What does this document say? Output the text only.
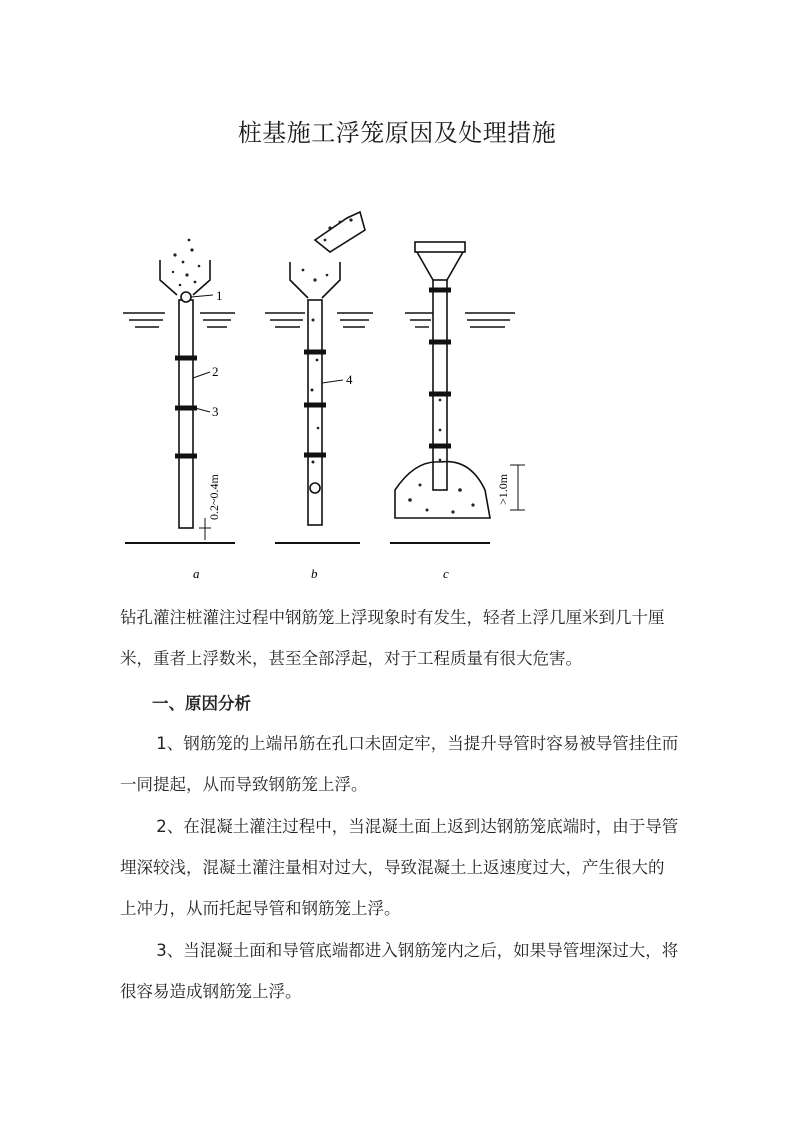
桩基施工浮笼原因及处理措施
1
2
3
0.2~0.4m
a
4
b
>1.0m
c

钻孔灌注桩灌注过程中钢筋笼上浮现象时有发生，轻者上浮几厘米到几十厘米，重者上浮数米，甚至全部浮起，对于工程质量有很大危害。

一、原因分析

1、钢筋笼的上端吊筋在孔口未固定牢，当提升导管时容易被导管挂住而一同提起，从而导致钢筋笼上浮。

2、在混凝土灌注过程中，当混凝土面上返到达钢筋笼底端时，由于导管埋深较浅，混凝土灌注量相对过大，导致混凝土上返速度过大，产生很大的上冲力，从而托起导管和钢筋笼上浮。

3、当混凝土面和导管底端都进入钢筋笼内之后，如果导管埋深过大，将很容易造成钢筋笼上浮。
